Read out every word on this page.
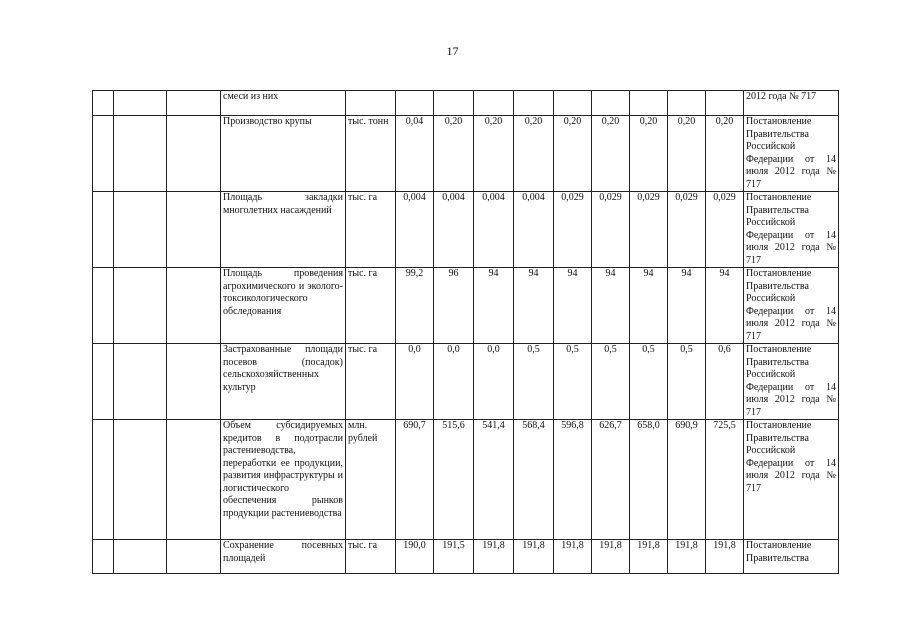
17
			смеси из них											2012 года № 717
			Производство крупы	тыс. тонн	0,04	0,20	0,20	0,20	0,20	0,20	0,20	0,20	0,20	Постановление Правительства Российской Федерации от 14 июля 2012 года № 717
			Площадь закладки многолетних насаждений	тыс. га	0,004	0,004	0,004	0,004	0,029	0,029	0,029	0,029	0,029	Постановление Правительства Российской Федерации от 14 июля 2012 года № 717
			Площадь проведения агрохимического и эколого-токсикологического обследования	тыс. га	99,2	96	94	94	94	94	94	94	94	Постановление Правительства Российской Федерации от 14 июля 2012 года № 717
			Застрахованные площади посевов (посадок) сельскохозяйственных культур	тыс. га	0,0	0,0	0,0	0,5	0,5	0,5	0,5	0,5	0,6	Постановление Правительства Российской Федерации от 14 июля 2012 года № 717
			Объем субсидируемых кредитов в подотрасли растениеводства, переработки ее продукции, развития инфраструктуры и логистического обеспечения рынков продукции растениеводства	млн. рублей	690,7	515,6	541,4	568,4	596,8	626,7	658,0	690,9	725,5	Постановление Правительства Российской Федерации от 14 июля 2012 года № 717
			Сохранение посевных площадей	тыс. га	190,0	191,5	191,8	191,8	191,8	191,8	191,8	191,8	191,8	Постановление Правительства
